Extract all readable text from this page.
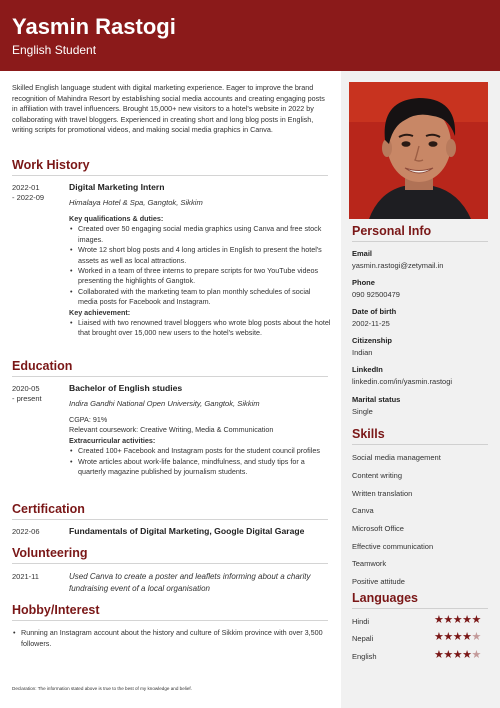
Yasmin Rastogi
English Student
Skilled English language student with digital marketing experience. Eager to improve the brand recognition of Mahindra Resort by establishing social media accounts and creating engaging posts in affiliation with travel influencers. Brought 15,000+ new visitors to a hotel's website in 2022 by collaborating with travel bloggers. Experienced in creating short and long blog posts in English, writing scripts for promotional videos, and making social media graphics in Canva.
Work History
2022-01
- 2022-09
Digital Marketing Intern
Himalaya Hotel & Spa, Gangtok, Sikkim
Key qualifications & duties:
• Created over 50 engaging social media graphics using Canva and free stock images.
• Wrote 12 short blog posts and 4 long articles in English to present the hotel's assets as well as local attractions.
• Worked in a team of three interns to prepare scripts for two YouTube videos presenting the highlights of Gangtok.
• Collaborated with the marketing team to plan monthly schedules of social media posts for Facebook and Instagram.
Key achievement:
• Liaised with two renowned travel bloggers who wrote blog posts about the hotel that brought over 15,000 new users to the hotel's website.
Education
2020-05
- present
Bachelor of English studies
Indira Gandhi National Open University, Gangtok, Sikkim
CGPA: 91%
Relevant coursework: Creative Writing, Media & Communication
Extracurricular activities:
• Created 100+ Facebook and Instagram posts for the student council profiles
• Wrote articles about work-life balance, mindfulness, and study tips for a quarterly magazine published by journalism students.
Certification
2022-06	Fundamentals of Digital Marketing, Google Digital Garage
Volunteering
2021-11	Used Canva to create a poster and leaflets informing about a charity fundraising event of a local organisation
Hobby/Interest
• Running an Instagram account about the history and culture of Sikkim province with over 3,500 followers.
Declaration: The information stated above is true to the best of my knowledge and belief.
Personal Info
Email
yasmin.rastogi@zetymail.in
Phone
090 92500479
Date of birth
2002-11-25
Citizenship
Indian
LinkedIn
linkedin.com/in/yasmin.rastogi
Marital status
Single
Skills
Social media management
Content writing
Written translation
Canva
Microsoft Office
Effective communication
Teamwork
Positive attitude
Languages
Hindi	★★★★★
Nepali	★★★★★
English	★★★★★
